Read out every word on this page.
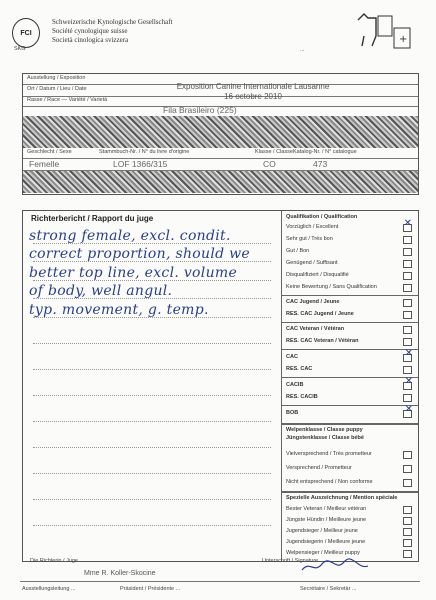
FCI
SKG
Schweizerische Kynologische Gesellschaft
Société cynologique suisse
Società cinologica svizzera	+
...
Ausstellung / Exposition
Ort / Datum / Lieu / Date	Exposition Canine Internationale Lausanne
16 octobre 2010
Rasse / Race — Variété / Varietà
Fila Brasileiro (225)
Geschlecht / Sexe	Stammbuch-Nr. / N° du livre d'origine	Klasse / Classe Katalog-Nr. / N° catalogue
Femelle	LOF 1366/315	CO	473
Richterbericht / Rapport du juge
strong female, excl. condit.
correct proportion, should we
better top line, excl. volume
of body, well angul.
typ. movement, g. temp.
Qualifikation / Qualification
Vorzüglich / Excellent	✕
Sehr gut / Très bon
Gut / Bon
Genügend / Suffisant
Disqualifiziert / Disqualifié
Keine Bewertung / Sans Qualification
CAC Jugend / Jeune
RES. CAC Jugend / Jeune
CAC Veteran / Vétéran
RES. CAC Veteran / Vétéran
CAC	✕
RES. CAC
CACIB	✕
RES. CACIB
BOB	✕
Welpenklasse / Classe puppy
Jüngstenklasse / Classe bébé
Vielversprechend / Très prometteur
Versprechend / Prometteur
Nicht entsprechend / Non conforme
Spezielle Auszeichnung / Mention spéciale
Bester Veteran / Meilleur vétéran
Jüngste Hündin / Meilleure jeune
Jugendsieger / Meilleur jeune
Jugendsiegerin / Meilleure jeune
Welpensieger / Meilleur puppy
Die Richterin / Juge	Unterschrift / Signature
Mme R. Koller-Skocine
Ausstellungsleitung ...	Präsident / Présidente ...	Secrétaire / Sekretär ...
